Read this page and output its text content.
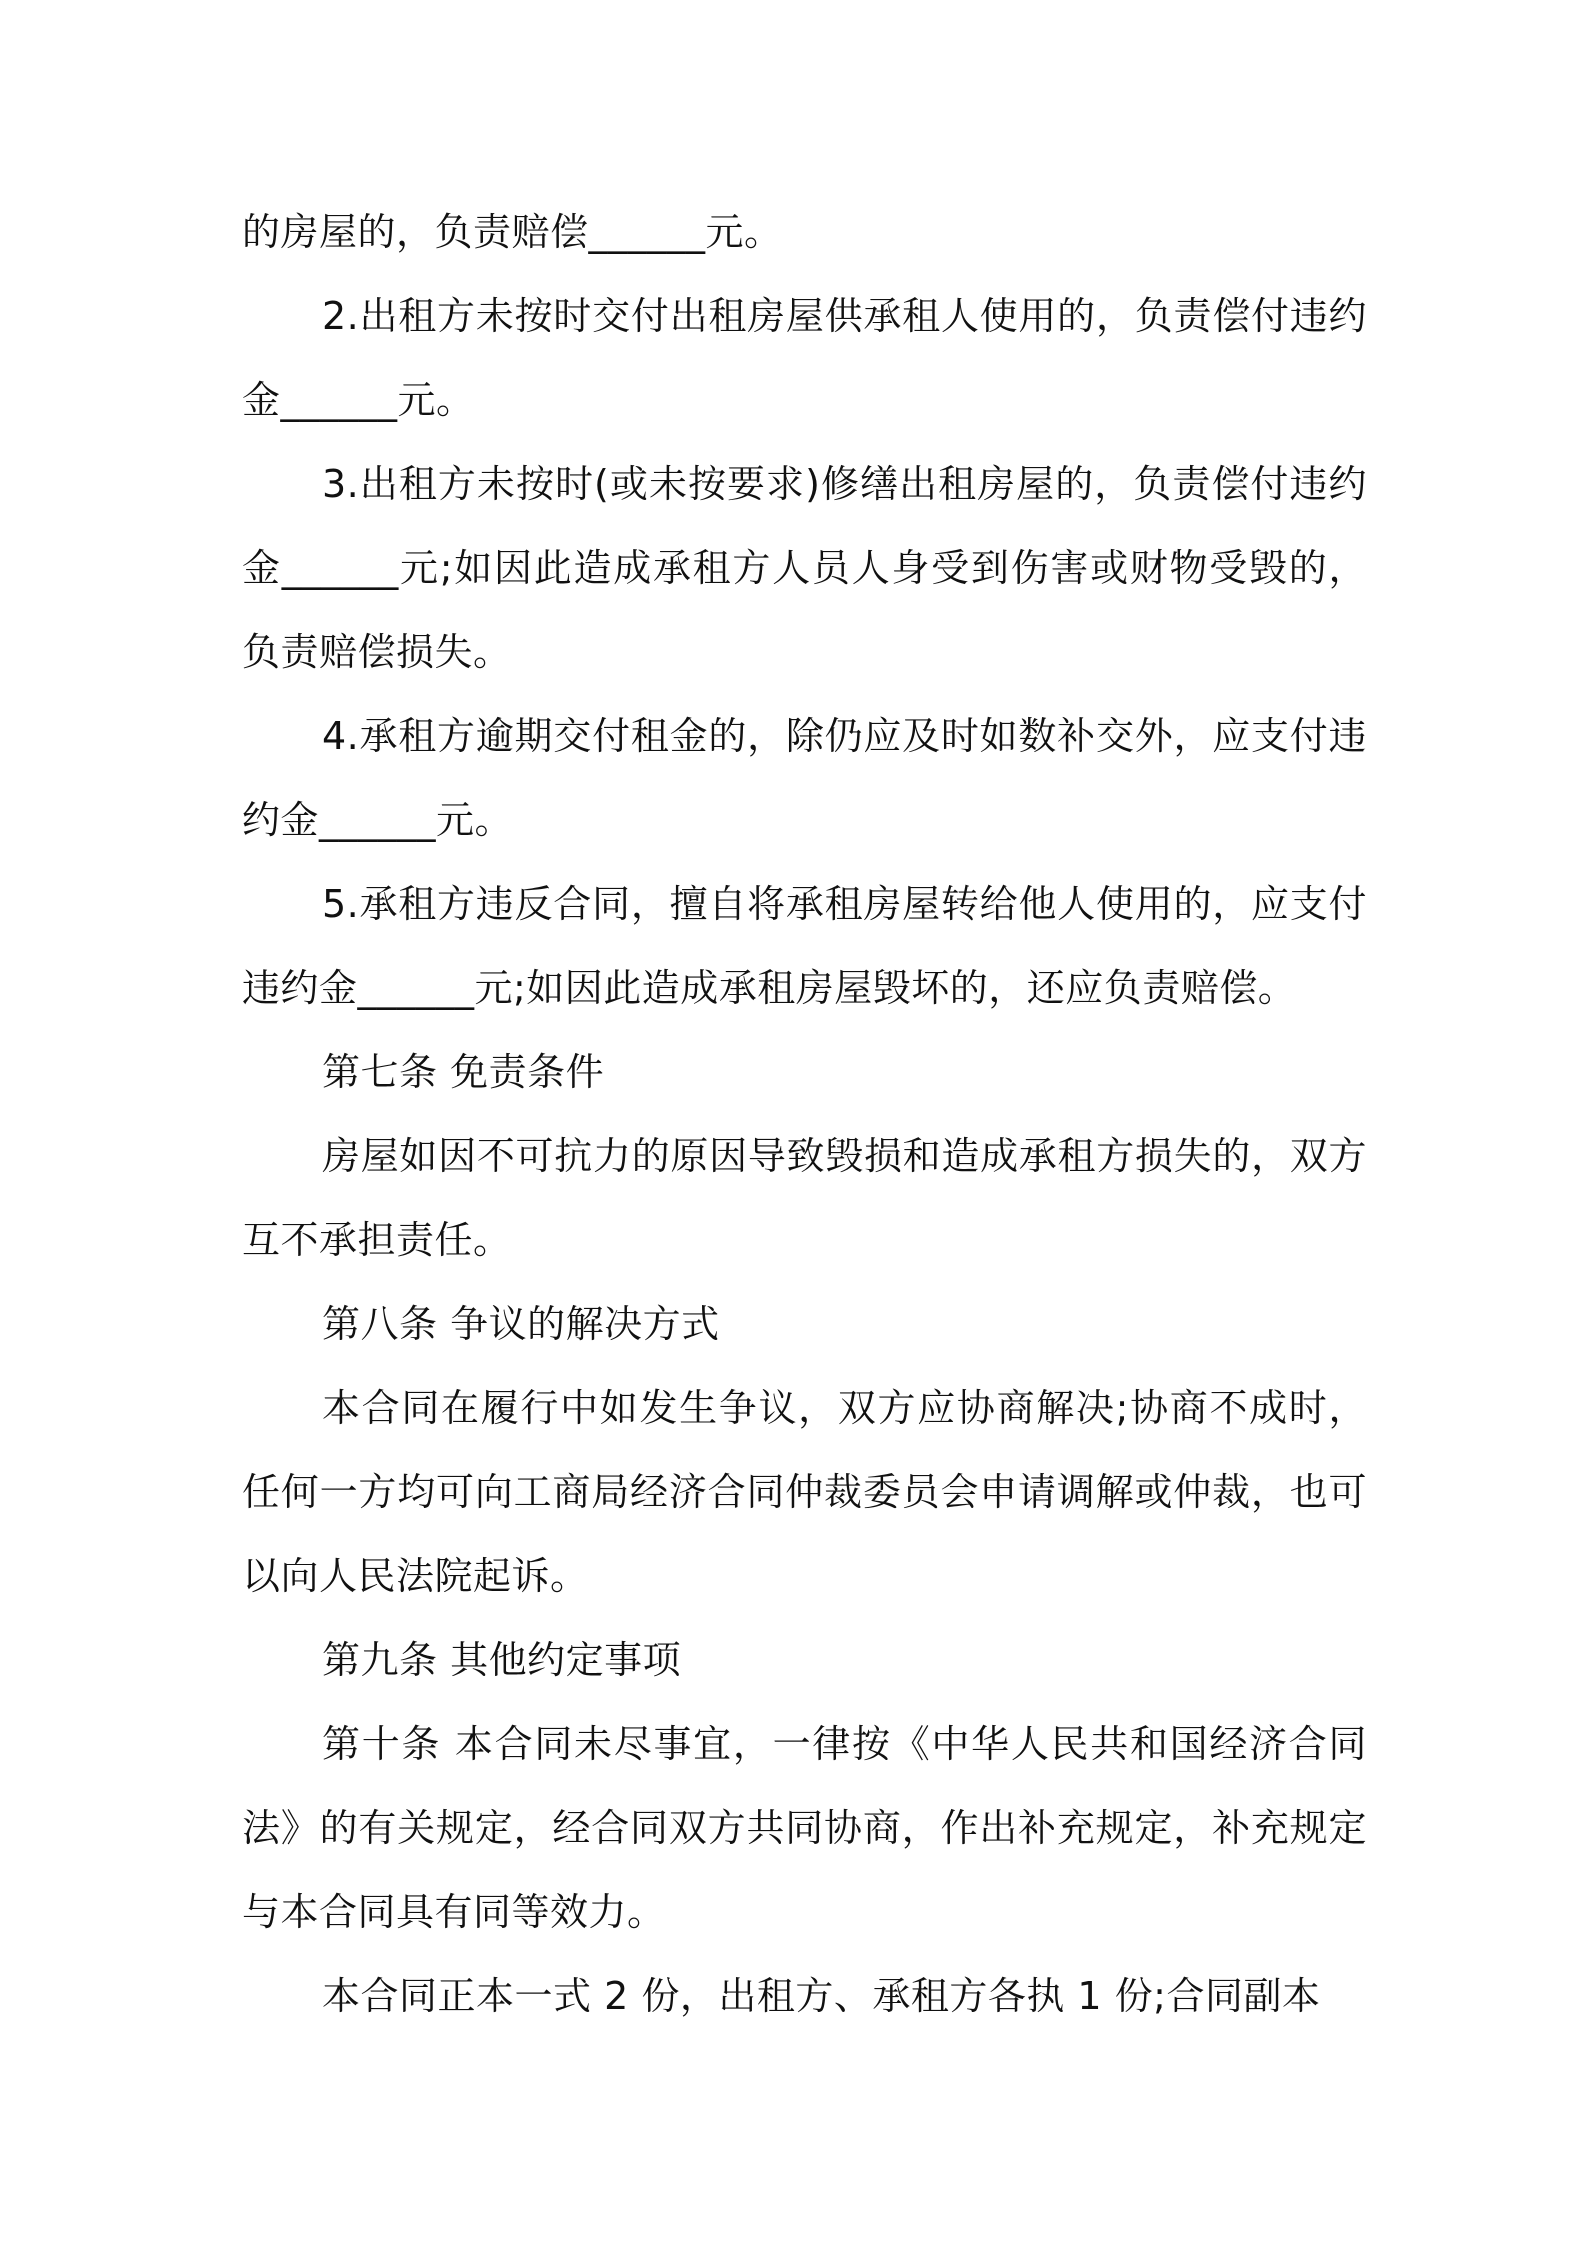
的房屋的，负责赔偿______元。

2.出租方未按时交付出租房屋供承租人使用的，负责偿付违约金______元。

3.出租方未按时(或未按要求)修缮出租房屋的，负责偿付违约金______元;如因此造成承租方人员人身受到伤害或财物受毁的，负责赔偿损失。

4.承租方逾期交付租金的，除仍应及时如数补交外，应支付违约金______元。

5.承租方违反合同，擅自将承租房屋转给他人使用的，应支付违约金______元;如因此造成承租房屋毁坏的，还应负责赔偿。

第七条 免责条件

房屋如因不可抗力的原因导致毁损和造成承租方损失的，双方互不承担责任。

第八条 争议的解决方式

本合同在履行中如发生争议，双方应协商解决;协商不成时，任何一方均可向工商局经济合同仲裁委员会申请调解或仲裁，也可以向人民法院起诉。

第九条 其他约定事项

第十条 本合同未尽事宜，一律按《中华人民共和国经济合同法》的有关规定，经合同双方共同协商，作出补充规定，补充规定与本合同具有同等效力。

本合同正本一式 2 份，出租方、承租方各执 1 份;合同副本
